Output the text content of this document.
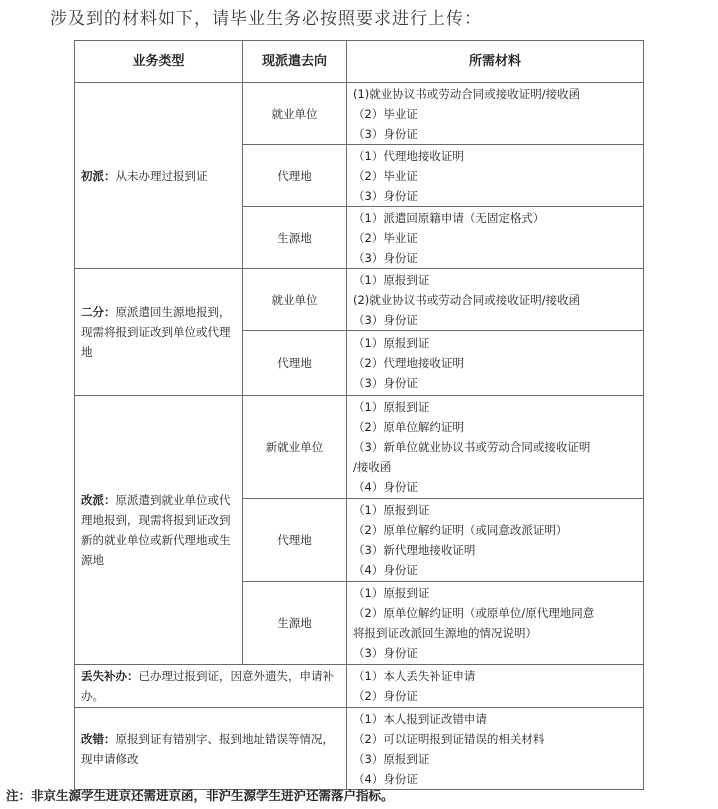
涉及到的材料如下，请毕业生务必按照要求进行上传：
业务类型	现派遣去向	所需材料
初派：从未办理过报到证	就业单位	(1)就业协议书或劳动合同或接收证明/接收函
（2）毕业证
（3）身份证

	代理地	（1）代理地接收证明
（2）毕业证
（3）身份证

	生源地	（1）派遣回原籍申请（无固定格式）
（2）毕业证
（3）身份证

二分：原派遣回生源地报到，现需将报到证改到单位或代理地	就业单位	（1）原报到证
(2)就业协议书或劳动合同或接收证明/接收函
（3）身份证

	代理地	（1）原报到证
（2）代理地接收证明
（3）身份证

改派：原派遣到就业单位或代理地报到，现需将报到证改到新的就业单位或新代理地或生源地	新就业单位	（1）原报到证
（2）原单位解约证明
（3）新单位就业协议书或劳动合同或接收证明
/接收函
（4）身份证

	代理地	（1）原报到证
（2）原单位解约证明（或同意改派证明）
（3）新代理地接收证明
（4）身份证

	生源地	（1）原报到证
（2）原单位解约证明（或原单位/原代理地同意
将报到证改派回生源地的情况说明）
（3）身份证

丢失补办：已办理过报到证，因意外遗失，申请补办。		（1）本人丢失补证申请
（2）身份证

改错：原报到证有错别字、报到地址错误等情况，现申请修改		（1）本人报到证改错申请
（2）可以证明报到证错误的相关材料
（3）原报到证
（4）身份证
注：非京生源学生进京还需进京函，非沪生源学生进沪还需落户指标。
